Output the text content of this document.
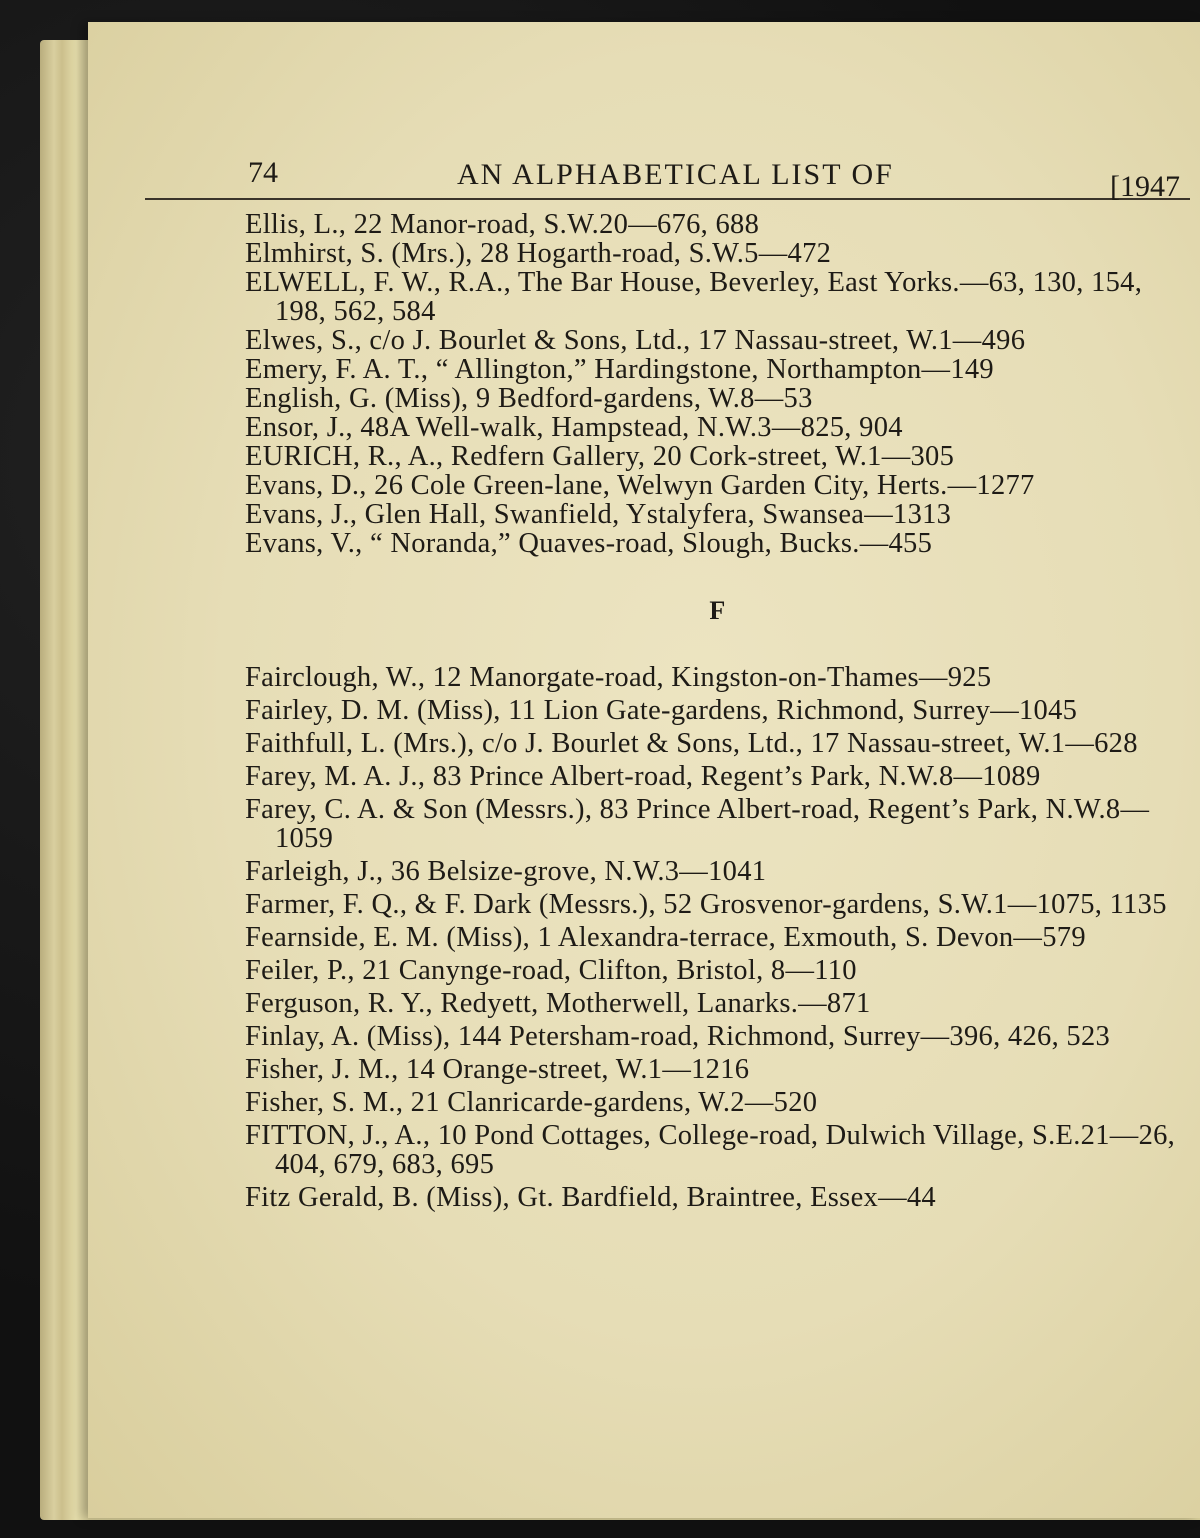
74	AN ALPHABETICAL LIST OF	[1947
Ellis, L., 22 Manor-road, S.W.20—676, 688
Elmhirst, S. (Mrs.), 28 Hogarth-road, S.W.5—472
ELWELL, F. W., R.A., The Bar House, Beverley, East Yorks.—63, 130, 154, 198, 562, 584
Elwes, S., c/o J. Bourlet & Sons, Ltd., 17 Nassau-street, W.1—496
Emery, F. A. T., “ Allington,” Hardingstone, Northampton—149
English, G. (Miss), 9 Bedford-gardens, W.8—53
Ensor, J., 48A Well-walk, Hampstead, N.W.3—825, 904
EURICH, R., A., Redfern Gallery, 20 Cork-street, W.1—305
Evans, D., 26 Cole Green-lane, Welwyn Garden City, Herts.—1277
Evans, J., Glen Hall, Swanfield, Ystalyfera, Swansea—1313
Evans, V., “ Noranda,” Quaves-road, Slough, Bucks.—455
F
Fairclough, W., 12 Manorgate-road, Kingston-on-Thames—925
Fairley, D. M. (Miss), 11 Lion Gate-gardens, Richmond, Surrey—1045
Faithfull, L. (Mrs.), c/o J. Bourlet & Sons, Ltd., 17 Nassau-street, W.1—628
Farey, M. A. J., 83 Prince Albert-road, Regent’s Park, N.W.8—1089
Farey, C. A. & Son (Messrs.), 83 Prince Albert-road, Regent’s Park, N.W.8—1059
Farleigh, J., 36 Belsize-grove, N.W.3—1041
Farmer, F. Q., & F. Dark (Messrs.), 52 Grosvenor-gardens, S.W.1—1075, 1135
Fearnside, E. M. (Miss), 1 Alexandra-terrace, Exmouth, S. Devon—579
Feiler, P., 21 Canynge-road, Clifton, Bristol, 8—110
Ferguson, R. Y., Redyett, Motherwell, Lanarks.—871
Finlay, A. (Miss), 144 Petersham-road, Richmond, Surrey—396, 426, 523
Fisher, J. M., 14 Orange-street, W.1—1216
Fisher, S. M., 21 Clanricarde-gardens, W.2—520
FITTON, J., A., 10 Pond Cottages, College-road, Dulwich Village, S.E.21—26, 404, 679, 683, 695
Fitz Gerald, B. (Miss), Gt. Bardfield, Braintree, Essex—44
